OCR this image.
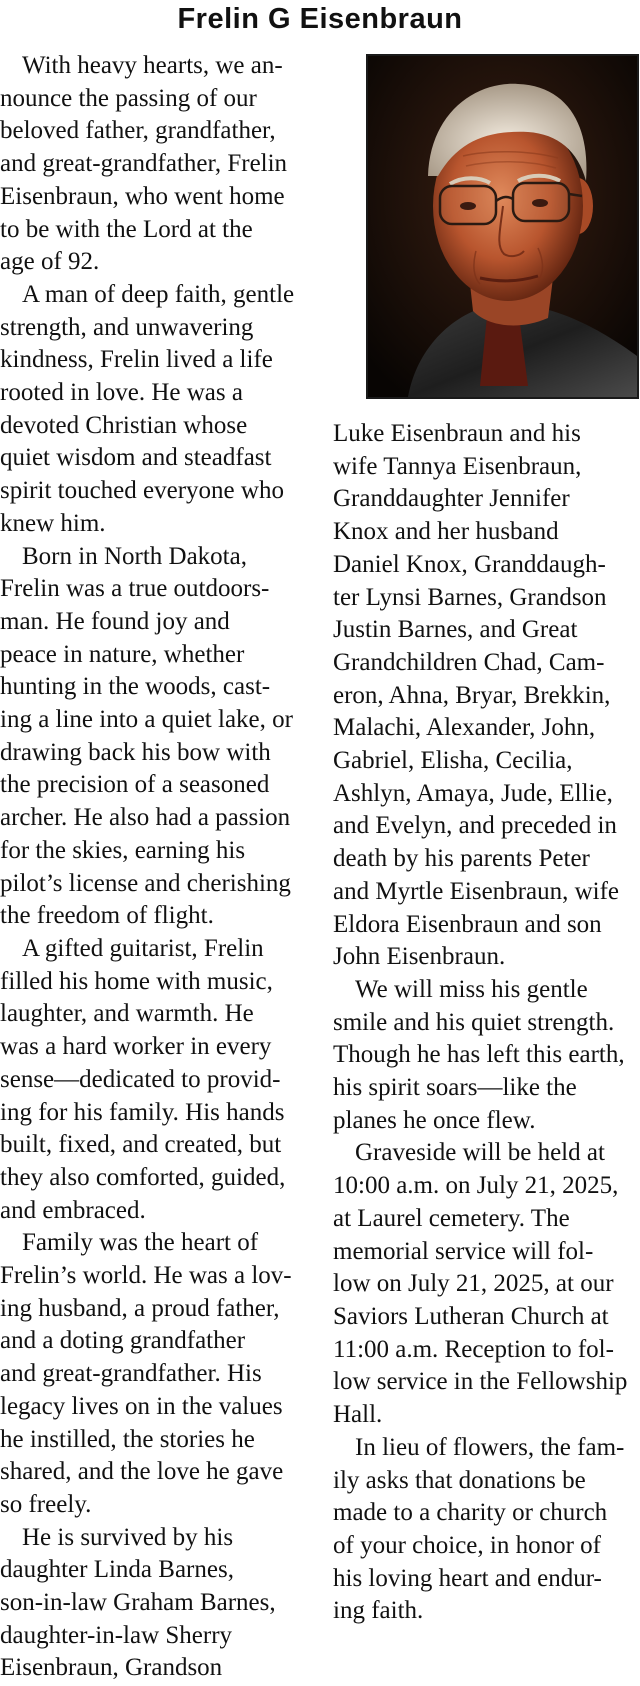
Frelin G Eisenbraun
With heavy hearts, we an-
nounce the passing of our
beloved father, grandfather,
and great-grandfather, Frelin
Eisenbraun, who went home
to be with the Lord at the
age of 92.
A man of deep faith, gentle
strength, and unwavering
kindness, Frelin lived a life
rooted in love. He was a
devoted Christian whose
quiet wisdom and steadfast
spirit touched everyone who
knew him.
Born in North Dakota,
Frelin was a true outdoors-
man. He found joy and
peace in nature, whether
hunting in the woods, cast-
ing a line into a quiet lake, or
drawing back his bow with
the precision of a seasoned
archer. He also had a passion
for the skies, earning his
pilot’s license and cherishing
the freedom of flight.
A gifted guitarist, Frelin
filled his home with music,
laughter, and warmth. He
was a hard worker in every
sense—dedicated to provid-
ing for his family. His hands
built, fixed, and created, but
they also comforted, guided,
and embraced.
Family was the heart of
Frelin’s world. He was a lov-
ing husband, a proud father,
and a doting grandfather
and great-grandfather. His
legacy lives on in the values
he instilled, the stories he
shared, and the love he gave
so freely.
He is survived by his
daughter Linda Barnes,
son-in-law Graham Barnes,
daughter-in-law Sherry
Eisenbraun, Grandson
Luke Eisenbraun and his
wife Tannya Eisenbraun,
Granddaughter Jennifer
Knox and her husband
Daniel Knox, Granddaugh-
ter Lynsi Barnes, Grandson
Justin Barnes, and Great
Grandchildren Chad, Cam-
eron, Ahna, Bryar, Brekkin,
Malachi, Alexander, John,
Gabriel, Elisha, Cecilia,
Ashlyn, Amaya, Jude, Ellie,
and Evelyn, and preceded in
death by his parents Peter
and Myrtle Eisenbraun, wife
Eldora Eisenbraun and son
John Eisenbraun.
We will miss his gentle
smile and his quiet strength.
Though he has left this earth,
his spirit soars—like the
planes he once flew.
Graveside will be held at
10:00 a.m. on July 21, 2025,
at Laurel cemetery. The
memorial service will fol-
low on July 21, 2025, at our
Saviors Lutheran Church at
11:00 a.m. Reception to fol-
low service in the Fellowship
Hall.
In lieu of flowers, the fam-
ily asks that donations be
made to a charity or church
of your choice, in honor of
his loving heart and endur-
ing faith.
